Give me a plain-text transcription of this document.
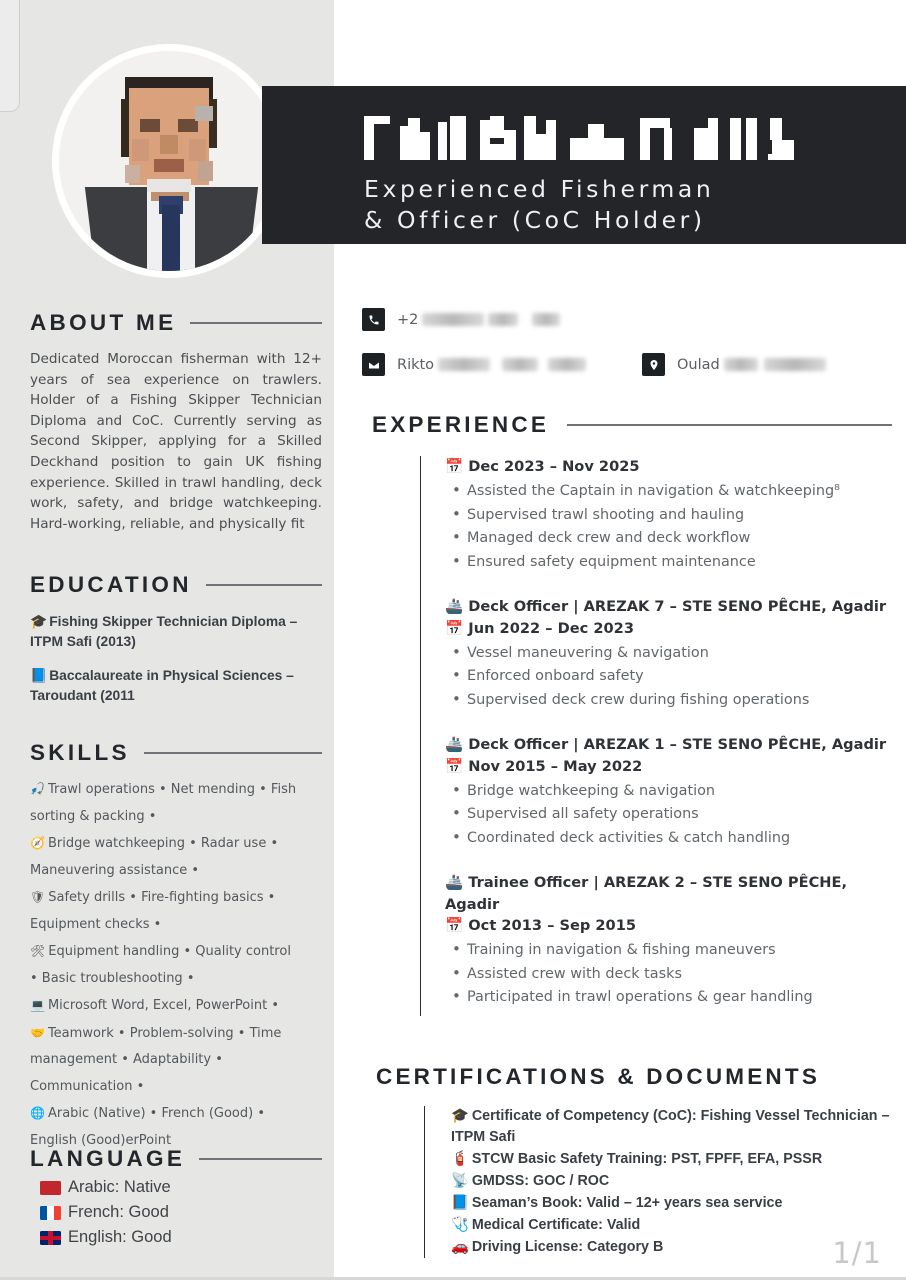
ABOUT ME

Dedicated Moroccan fisherman with 12+ years of sea experience on trawlers. Holder of a Fishing Skipper Technician Diploma and CoC. Currently serving as Second Skipper, applying for a Skilled Deckhand position to gain UK fishing experience. Skilled in trawl handling, deck work, safety, and bridge watchkeeping. Hard-working, reliable, and physically fit

EDUCATION
🎓 Fishing Skipper Technician Diploma – ITPM Safi (2013)
📘 Baccalaureate in Physical Sciences – Taroudant (2011
SKILLS
🎣 Trawl operations • Net mending • Fish
sorting & packing •
🧭 Bridge watchkeeping • Radar use •
Maneuvering assistance •
🛡 Safety drills • Fire-fighting basics •
Equipment checks •
🛠 Equipment handling • Quality control
• Basic troubleshooting •
💻 Microsoft Word, Excel, PowerPoint •
🤝 Teamwork • Problem-solving • Time
management • Adaptability •
Communication •
🌐 Arabic (Native) • French (Good) •
English (Good)erPoint
LANGUAGE
Arabic: Native
French: Good
English: Good
Experienced Fisherman
& Officer (CoC Holder)
+2
Rikto	Oulad
EXPERIENCE
📅 Dec 2023 – Nov 2025
• Assisted the Captain in navigation & watchkeeping⁸
• Supervised trawl shooting and hauling
• Managed deck crew and deck workflow
• Ensured safety equipment maintenance
🚢 Deck Officer | AREZAK 7 – STE SENO PÊCHE, Agadir
📅 Jun 2022 – Dec 2023
• Vessel maneuvering & navigation
• Enforced onboard safety
• Supervised deck crew during fishing operations
🚢 Deck Officer | AREZAK 1 – STE SENO PÊCHE, Agadir
📅 Nov 2015 – May 2022
• Bridge watchkeeping & navigation
• Supervised all safety operations
• Coordinated deck activities & catch handling
🚢 Trainee Officer | AREZAK 2 – STE SENO PÊCHE, Agadir
📅 Oct 2013 – Sep 2015
• Training in navigation & fishing maneuvers
• Assisted crew with deck tasks
• Participated in trawl operations & gear handling
CERTIFICATIONS & DOCUMENTS
🎓 Certificate of Competency (CoC): Fishing Vessel Technician – ITPM Safi
🧯 STCW Basic Safety Training: PST, FPFF, EFA, PSSR
📡 GMDSS: GOC / ROC
📘 Seaman’s Book: Valid – 12+ years sea service
🩺 Medical Certificate: Valid
🚗 Driving License: Category B	1/1
